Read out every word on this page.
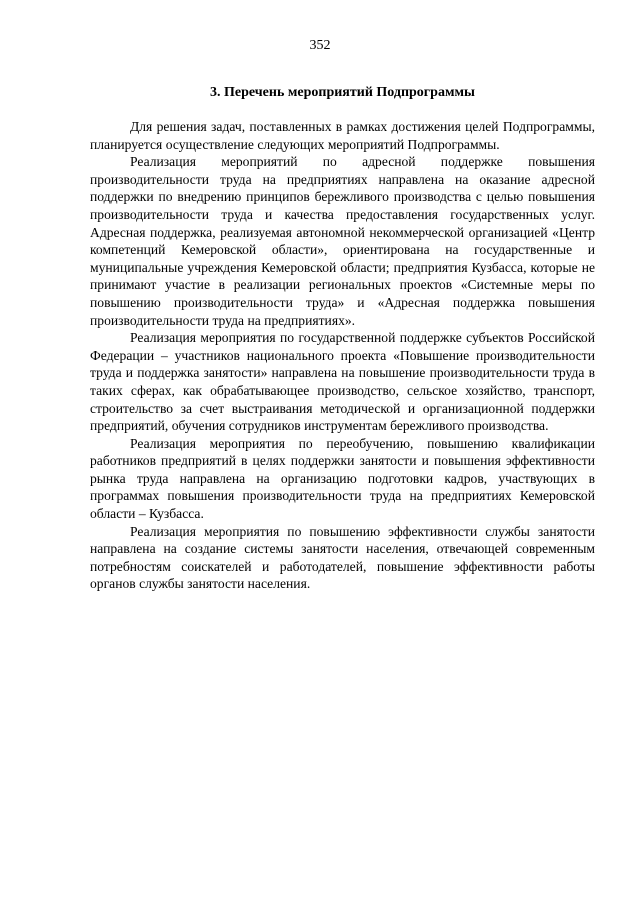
352
3. Перечень мероприятий Подпрограммы

Для решения задач, поставленных в рамках достижения целей Подпрограммы, планируется осуществление следующих мероприятий Подпрограммы.

Реализация мероприятий по адресной поддержке повышения производительности труда на предприятиях направлена на оказание адресной поддержки по внедрению принципов бережливого производства с целью повышения производительности труда и качества предоставления государственных услуг. Адресная поддержка, реализуемая автономной некоммерческой организацией «Центр компетенций Кемеровской области», ориентирована на государственные и муниципальные учреждения Кемеровской области; предприятия Кузбасса, которые не принимают участие в реализации региональных проектов «Системные меры по повышению производительности труда» и «Адресная поддержка повышения производительности труда на предприятиях».

Реализация мероприятия по государственной поддержке субъектов Российской Федерации – участников национального проекта «Повышение производительности труда и поддержка занятости» направлена на повышение производительности труда в таких сферах, как обрабатывающее производство, сельское хозяйство, транспорт, строительство за счет выстраивания методической и организационной поддержки предприятий, обучения сотрудников инструментам бережливого производства.

Реализация мероприятия по переобучению, повышению квалификации работников предприятий в целях поддержки занятости и повышения эффективности рынка труда направлена на организацию подготовки кадров, участвующих в программах повышения производительности труда на предприятиях Кемеровской области – Кузбасса.

Реализация мероприятия по повышению эффективности службы занятости направлена на создание системы занятости населения, отвечающей современным потребностям соискателей и работодателей, повышение эффективности работы органов службы занятости населения.
